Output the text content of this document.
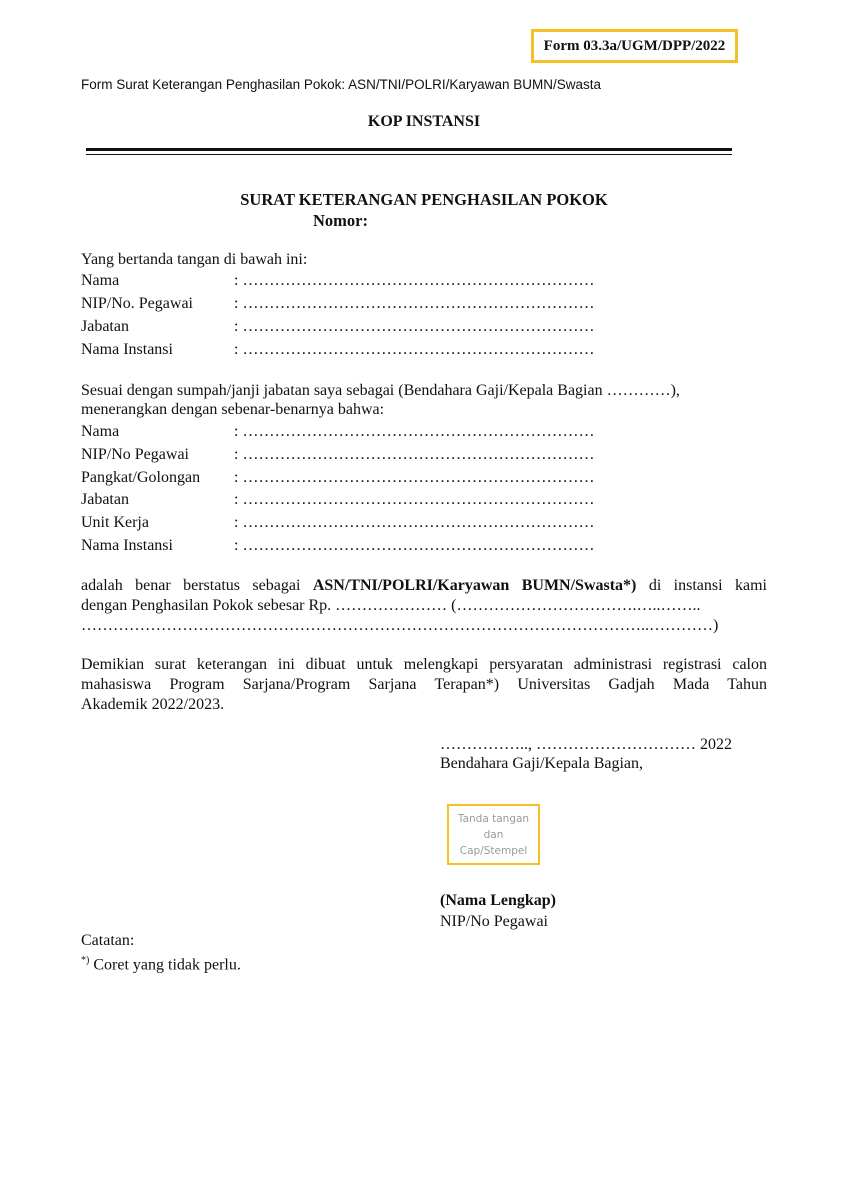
Form 03.3a/UGM/DPP/2022
Form Surat Keterangan Penghasilan Pokok: ASN/TNI/POLRI/Karyawan BUMN/Swasta
KOP INSTANSI
SURAT KETERANGAN PENGHASILAN POKOK
Nomor:
Yang bertanda tangan di bawah ini:
Nama	: …………………………………………………………
NIP/No. Pegawai	: …………………………………………………………
Jabatan	: …………………………………………………………
Nama Instansi	: …………………………………………………………
Sesuai dengan sumpah/janji jabatan saya sebagai (Bendahara Gaji/Kepala Bagian …………),
menerangkan dengan sebenar-benarnya bahwa:
Nama	: …………………………………………………………
NIP/No Pegawai	: …………………………………………………………
Pangkat/Golongan : …………………………………………………………
Jabatan	: …………………………………………………………
Unit Kerja	: …………………………………………………………
Nama Instansi	: …………………………………………………………
adalah benar berstatus sebagai ASN/TNI/POLRI/Karyawan BUMN/Swasta*) di instansi kami
dengan Penghasilan Pokok sebesar Rp. ………………… (…………………………….…..……..
……………………………………………………………………………………………..…………)
Demikian surat keterangan ini dibuat untuk melengkapi persyaratan administrasi registrasi calon
mahasiswa Program Sarjana/Program Sarjana Terapan*) Universitas Gadjah Mada Tahun
Akademik 2022/2023.
…………….., ………………………… 2022
Bendahara Gaji/Kepala Bagian,
Tanda tangan
dan
Cap/Stempel
(Nama Lengkap)
NIP/No Pegawai
Catatan:
*) Coret yang tidak perlu.
